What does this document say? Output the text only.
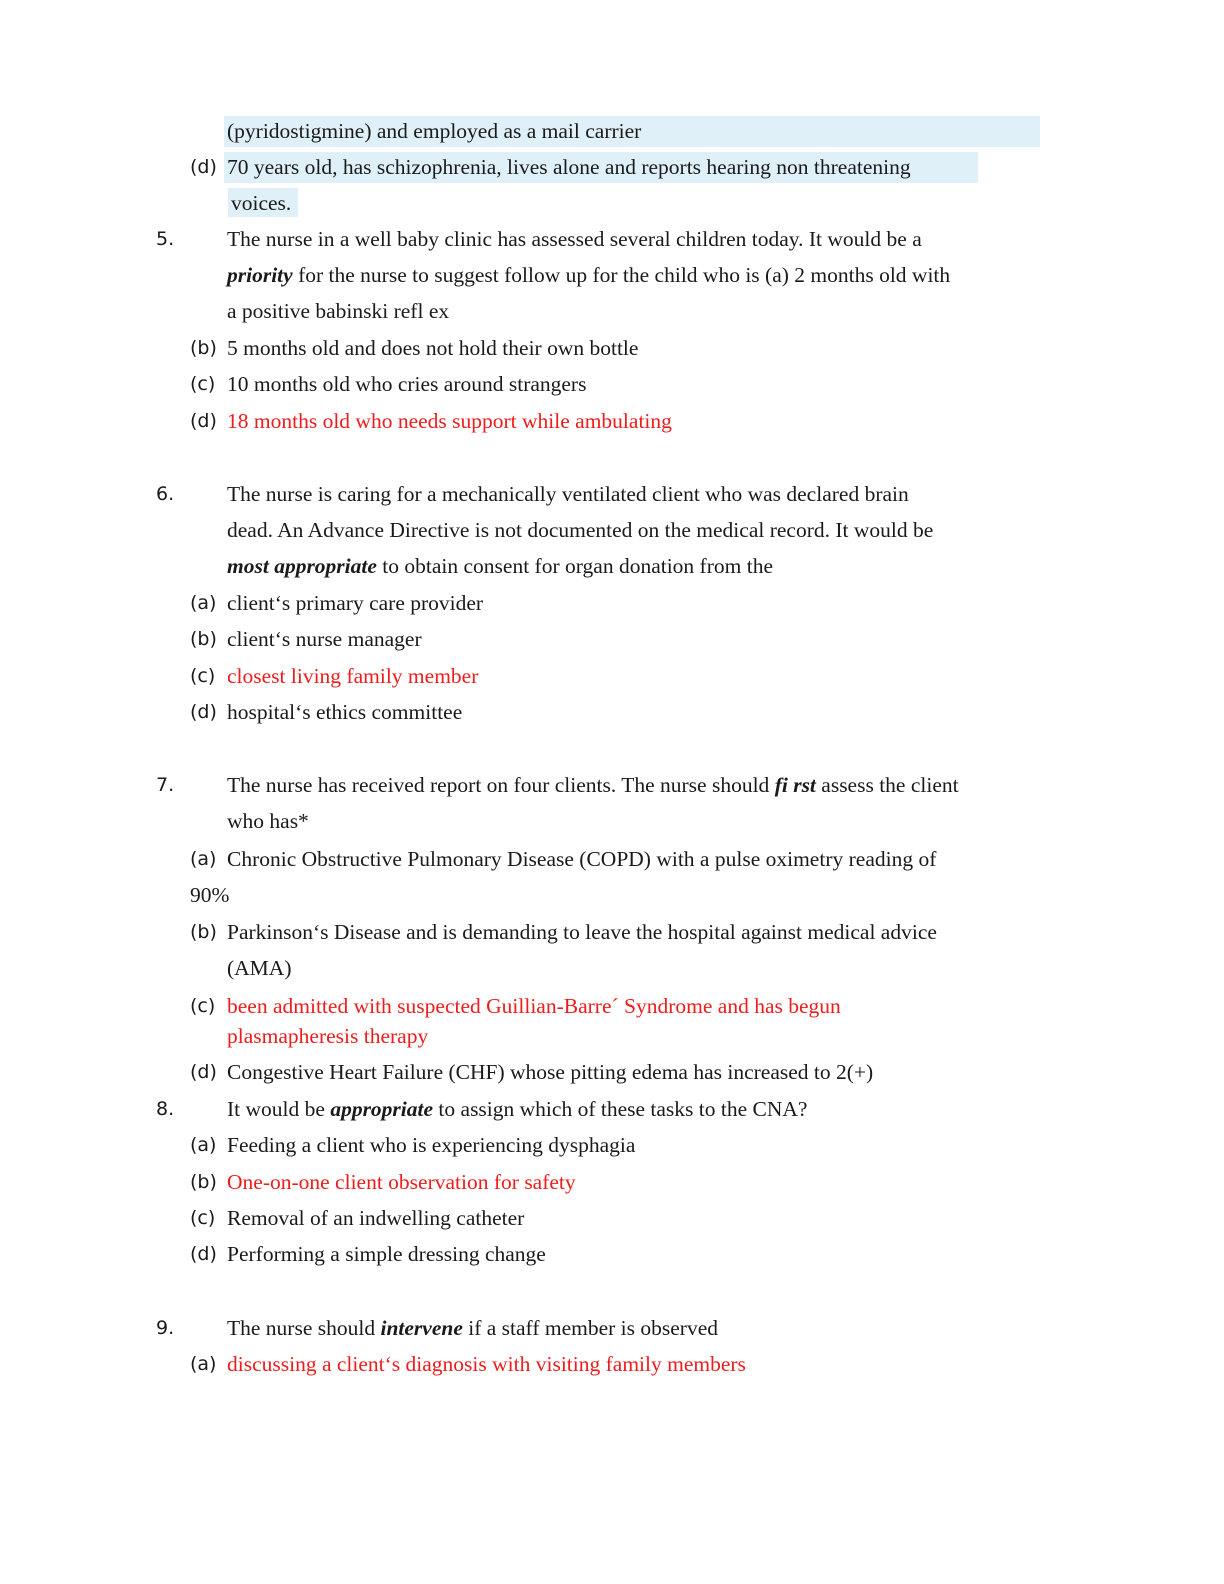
(pyridostigmine) and employed as a mail carrier
(d) 70 years old, has schizophrenia, lives alone and reports hearing non threatening
voices.
5. The nurse in a well baby clinic has assessed several children today. It would be a
priority for the nurse to suggest follow up for the child who is (a) 2 months old with
a positive babinski refl ex
(b) 5 months old and does not hold their own bottle
(c) 10 months old who cries around strangers
(d) 18 months old who needs support while ambulating
6. The nurse is caring for a mechanically ventilated client who was declared brain
dead. An Advance Directive is not documented on the medical record. It would be
most appropriate to obtain consent for organ donation from the
(a) client‘s primary care provider
(b) client‘s nurse manager
(c) closest living family member
(d) hospital‘s ethics committee
7. The nurse has received report on four clients. The nurse should fi rst assess the client
who has*
(a) Chronic Obstructive Pulmonary Disease (COPD) with a pulse oximetry reading of
90%
(b) Parkinson‘s Disease and is demanding to leave the hospital against medical advice
(AMA)
(c) been admitted with suspected Guillian-Barre´ Syndrome and has begun
plasmapheresis therapy
(d) Congestive Heart Failure (CHF) whose pitting edema has increased to 2(+)
8. It would be appropriate to assign which of these tasks to the CNA?
(a) Feeding a client who is experiencing dysphagia
(b) One-on-one client observation for safety
(c) Removal of an indwelling catheter
(d) Performing a simple dressing change
9. The nurse should intervene if a staff member is observed
(a) discussing a client‘s diagnosis with visiting family members
